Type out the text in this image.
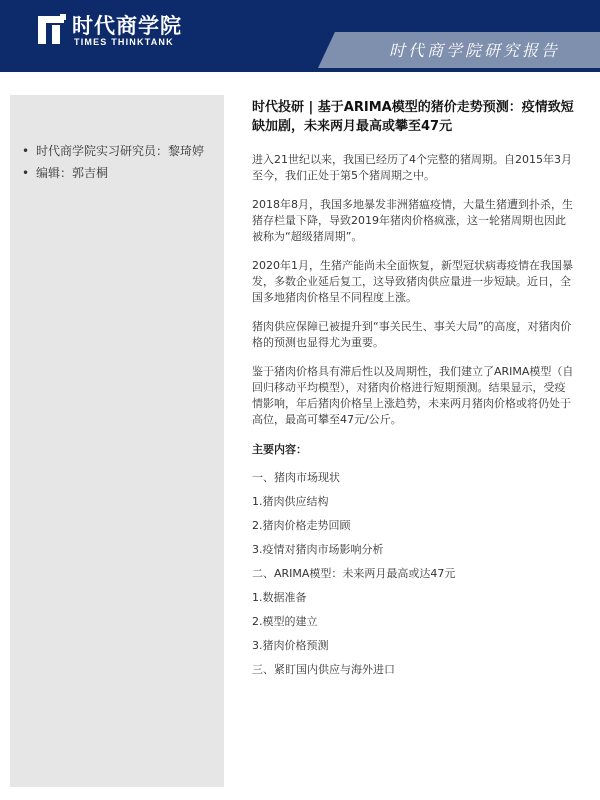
时代商学院
TIMES THINKTANK	时代商学院研究报告
• 时代商学院实习研究员：黎琦婷
• 编辑：郭吉桐
时代投研 | 基于ARIMA模型的猪价走势预测：疫情致短缺加剧，未来两月最高或攀至47元

进入21世纪以来，我国已经历了4个完整的猪周期。自2015年3月至今，我们正处于第5个猪周期之中。

2018年8月，我国多地暴发非洲猪瘟疫情，大量生猪遭到扑杀，生猪存栏量下降，导致2019年猪肉价格疯涨，这一轮猪周期也因此被称为“超级猪周期”。

2020年1月，生猪产能尚未全面恢复，新型冠状病毒疫情在我国暴发，多数企业延后复工，这导致猪肉供应量进一步短缺。近日，全国多地猪肉价格呈不同程度上涨。

猪肉供应保障已被提升到“事关民生、事关大局”的高度，对猪肉价格的预测也显得尤为重要。

鉴于猪肉价格具有滞后性以及周期性，我们建立了ARIMA模型（自回归移动平均模型），对猪肉价格进行短期预测。结果显示，受疫情影响，年后猪肉价格呈上涨趋势，未来两月猪肉价格或将仍处于高位，最高可攀至47元/公斤。

主要内容：
一、猪肉市场现状
1.猪肉供应结构
2.猪肉价格走势回顾
3.疫情对猪肉市场影响分析
二、ARIMA模型：未来两月最高或达47元
1.数据准备
2.模型的建立
3.猪肉价格预测
三、紧盯国内供应与海外进口
